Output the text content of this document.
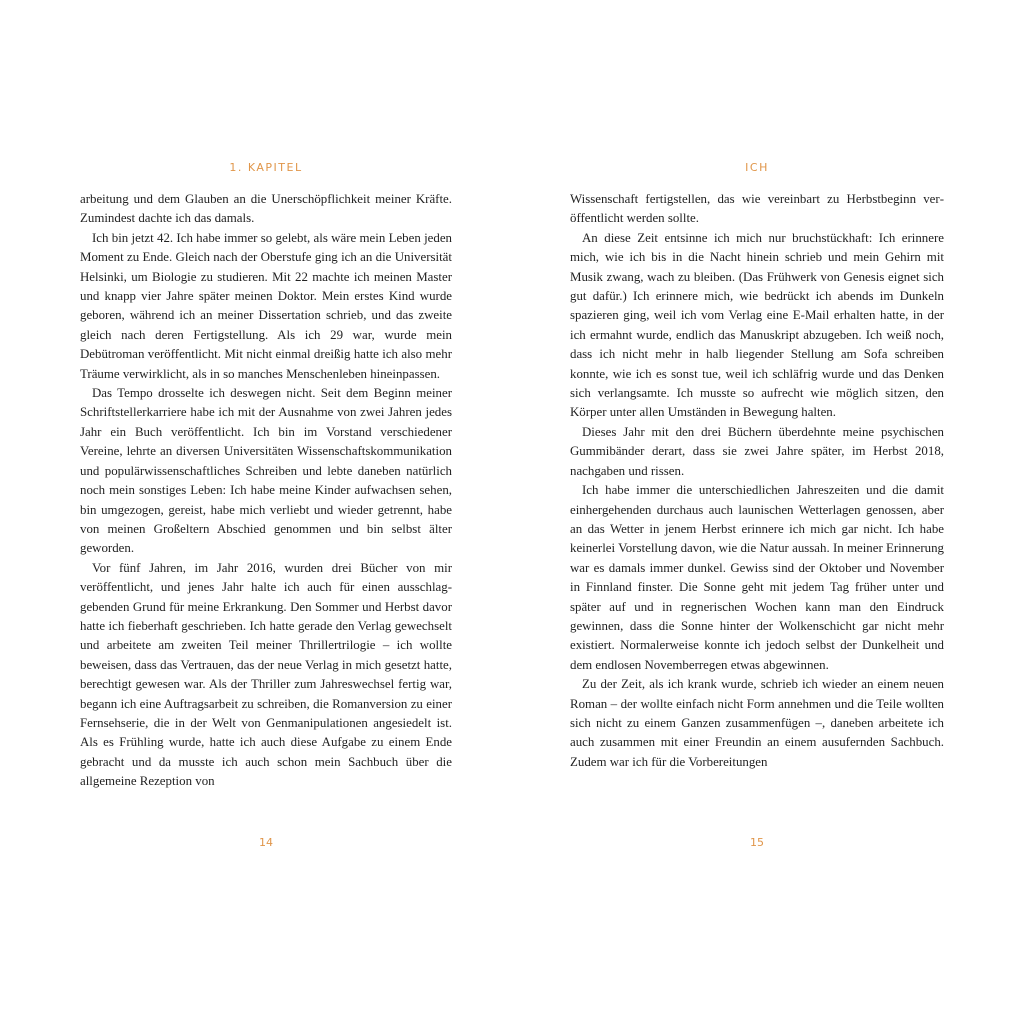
1. KAPITEL

arbeitung und dem Glauben an die Unerschöpflichkeit meiner Kräfte. Zumindest dachte ich das damals.

Ich bin jetzt 42. Ich habe immer so gelebt, als wäre mein Leben jeden Moment zu Ende. Gleich nach der Oberstufe ging ich an die Universität Helsinki, um Biologie zu studieren. Mit 22 machte ich meinen Master und knapp vier Jahre später meinen Doktor. Mein erstes Kind wurde geboren, während ich an meiner Dissertation schrieb, und das zweite gleich nach deren Fertigstellung. Als ich 29 war, wurde mein Debütroman veröffentlicht. Mit nicht einmal dreißig hatte ich also mehr Träume verwirklicht, als in so manches Menschenleben hineinpassen.

Das Tempo drosselte ich deswegen nicht. Seit dem Beginn meiner Schriftstellerkarriere habe ich mit der Ausnahme von zwei Jahren jedes Jahr ein Buch veröffentlicht. Ich bin im Vorstand verschiedener Vereine, lehrte an diversen Universitäten Wissenschaftskommunikation und populärwissenschaftliches Schreiben und lebte daneben natürlich noch mein sonstiges Leben: Ich habe meine Kinder aufwachsen sehen, bin umgezogen, gereist, habe mich verliebt und wieder getrennt, habe von meinen Großeltern Abschied genommen und bin selbst älter geworden.

Vor fünf Jahren, im Jahr 2016, wurden drei Bücher von mir veröffentlicht, und jenes Jahr halte ich auch für einen ausschlaggebenden Grund für meine Erkrankung. Den Sommer und Herbst davor hatte ich fieberhaft geschrieben. Ich hatte gerade den Verlag gewechselt und arbeitete am zweiten Teil meiner Thrillertrilogie – ich wollte beweisen, dass das Vertrauen, das der neue Verlag in mich gesetzt hatte, berechtigt gewesen war. Als der Thriller zum Jahreswechsel fertig war, begann ich eine Auftragsarbeit zu schreiben, die Romanversion zu einer Fernsehserie, die in der Welt von Genmanipulationen angesiedelt ist. Als es Frühling wurde, hatte ich auch diese Aufgabe zu einem Ende gebracht und da musste ich auch schon mein Sachbuch über die allgemeine Rezeption von

14
ICH

Wissenschaft fertigstellen, das wie vereinbart zu Herbstbeginn veröffentlicht werden sollte.

An diese Zeit entsinne ich mich nur bruchstückhaft: Ich erinnere mich, wie ich bis in die Nacht hinein schrieb und mein Gehirn mit Musik zwang, wach zu bleiben. (Das Frühwerk von Genesis eignet sich gut dafür.) Ich erinnere mich, wie bedrückt ich abends im Dunkeln spazieren ging, weil ich vom Verlag eine E-Mail erhalten hatte, in der ich ermahnt wurde, endlich das Manuskript abzugeben. Ich weiß noch, dass ich nicht mehr in halb liegender Stellung am Sofa schreiben konnte, wie ich es sonst tue, weil ich schläfrig wurde und das Denken sich verlangsamte. Ich musste so aufrecht wie möglich sitzen, den Körper unter allen Umständen in Bewegung halten.

Dieses Jahr mit den drei Büchern überdehnte meine psychischen Gummibänder derart, dass sie zwei Jahre später, im Herbst 2018, nachgaben und rissen.

Ich habe immer die unterschiedlichen Jahreszeiten und die damit einhergehenden durchaus auch launischen Wetterlagen genossen, aber an das Wetter in jenem Herbst erinnere ich mich gar nicht. Ich habe keinerlei Vorstellung davon, wie die Natur aussah. In meiner Erinnerung war es damals immer dunkel. Gewiss sind der Oktober und November in Finnland finster. Die Sonne geht mit jedem Tag früher unter und später auf und in regnerischen Wochen kann man den Eindruck gewinnen, dass die Sonne hinter der Wolkenschicht gar nicht mehr existiert. Normalerweise konnte ich jedoch selbst der Dunkelheit und dem endlosen Novemberregen etwas abgewinnen.

Zu der Zeit, als ich krank wurde, schrieb ich wieder an einem neuen Roman – der wollte einfach nicht Form annehmen und die Teile wollten sich nicht zu einem Ganzen zusammenfügen –, daneben arbeitete ich auch zusammen mit einer Freundin an einem ausufernden Sachbuch. Zudem war ich für die Vorbereitungen

15
